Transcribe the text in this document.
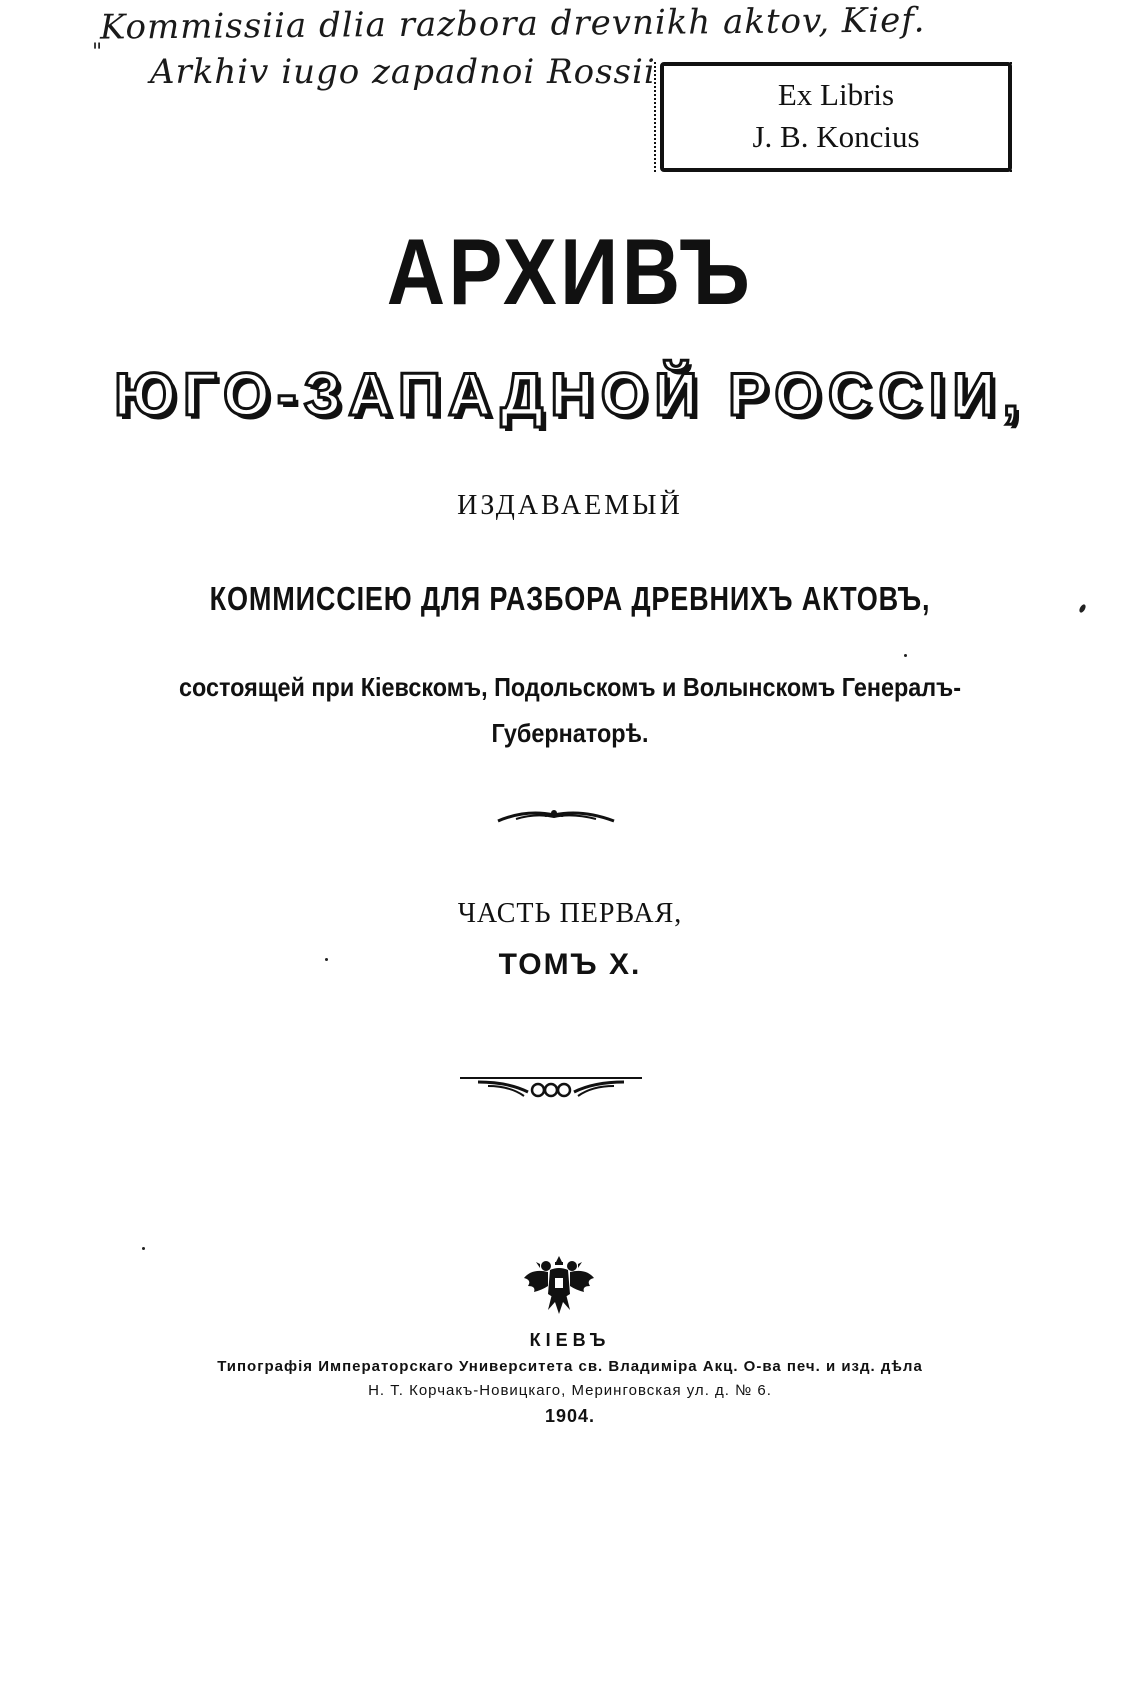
Kommissiia dlia razbora drevnikh aktov, Kief.
" Arkhiv iugo zapadnoi Rossii
Ex Libris
J. B. Koncius
АРХИВЪ
ЮГО-ЗАПАДНОЙ РОССІИ,
ИЗДАВАЕМЫЙ
КОММИССІЕЮ ДЛЯ РАЗБОРА ДРЕВНИХЪ АКТОВЪ,
состоящей при Кіевскомъ, Подольскомъ и Волынскомъ Генералъ-
Губернаторѣ.
ЧАСТЬ ПЕРВАЯ,
ТОМЪ X.
КІЕВЪ
Типографія Императорскаго Университета св. Владиміра Акц. О-ва печ. и изд. дѣла
Н. Т. Корчакъ-Новицкаго, Меринговская ул. д. № 6.
1904.
